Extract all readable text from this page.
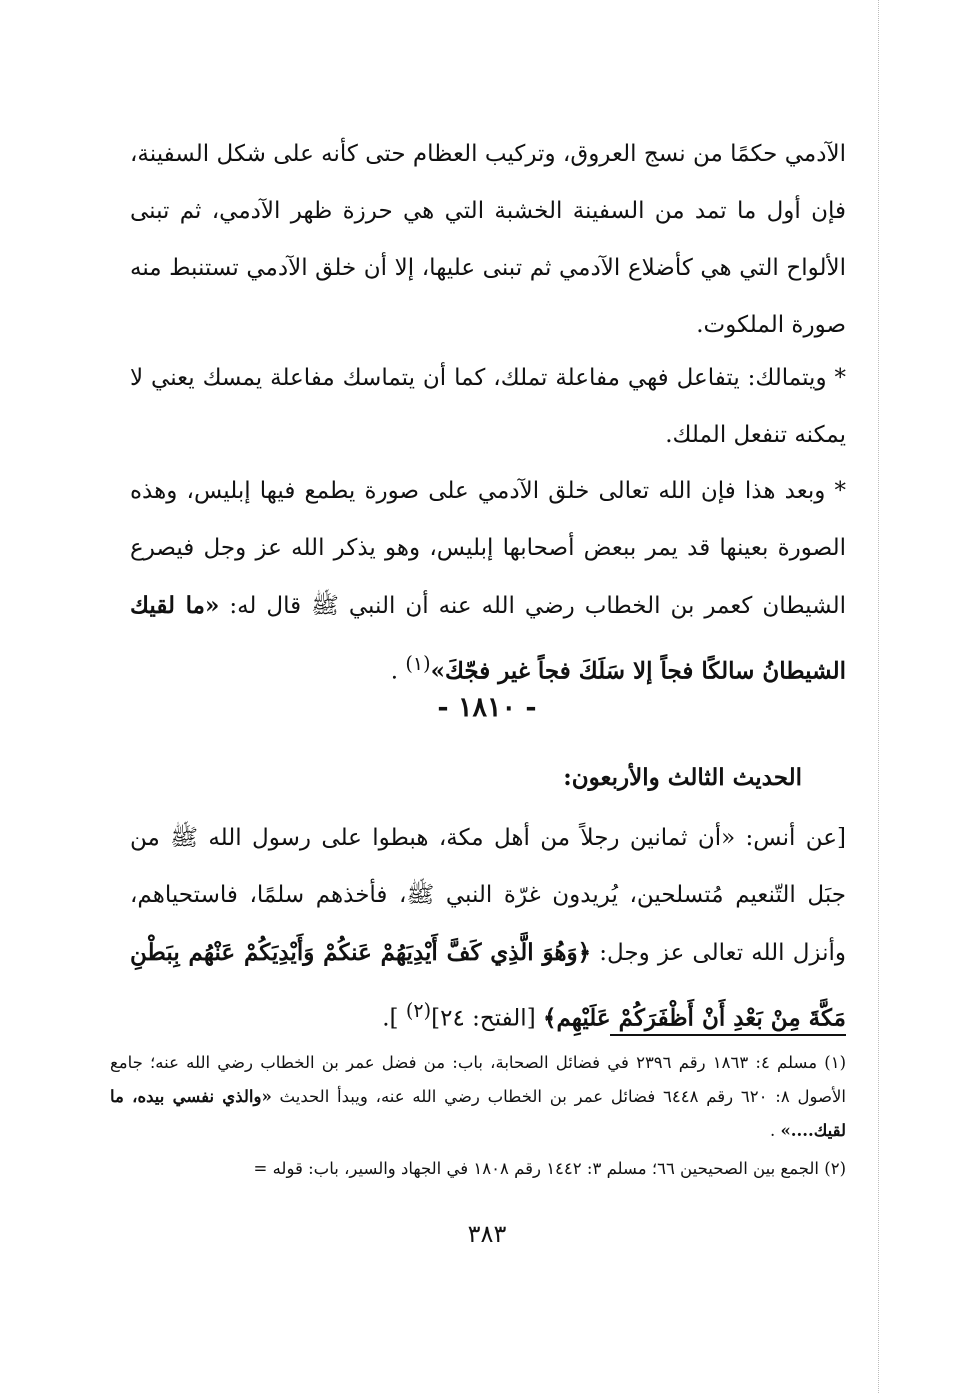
الآدمي حكمًا من نسج العروق، وتركيب العظام حتى كأنه على شكل السفينة، فإن أول ما تمد من السفينة الخشبة التي هي حرزة ظهر الآدمي، ثم تبنى الألواح التي هي كأضلاع الآدمي ثم تبنى عليها، إلا أن خلق الآدمي تستنبط منه صورة الملكوت.

* ويتمالك: يتفاعل فهي مفاعلة تملك، كما أن يتماسك مفاعلة يمسك يعني لا يمكنه تنفعل الملك.

* وبعد هذا فإن الله تعالى خلق الآدمي على صورة يطمع فيها إبليس، وهذه الصورة بعينها قد يمر ببعض أصحابها إبليس، وهو يذكر الله عز وجل فيصرع الشيطان كعمر بن الخطاب رضي الله عنه أن النبي ﷺ قال له: «ما لقيك الشيطانُ سالكًا فجاً إلا سَلَكَ فجاً غير فجّكَ»$^{(١)}$ .

- ١٨١٠ -
الحديث الثالث والأربعون:

[عن أنس: «أن ثمانين رجلاً من أهل مكة، هبطوا على رسول الله ﷺ من جبَل التّنعيم مُتسلحين، يُريدون غرّة النبي ﷺ، فأخذهم سلمًا، فاستحياهم، وأنزل الله تعالى عز وجل: ﴿وَهُوَ الَّذِي كَفَّ أَيْدِيَهُمْ عَنكُمْ وَأَيْدِيَكُمْ عَنْهُم بِبَطْنِ مَكَّةَ مِنْ بَعْدِ أَنْ أَظْفَرَكُمْ عَلَيْهِم﴾ [الفتح: ٢٤]$^{(٢)}$ ].

(١) مسلم ٤: ١٨٦٣ رقم ٢٣٩٦ في فضائل الصحابة، باب: من فضل عمر بن الخطاب رضي الله عنه؛ جامع الأصول ٨: ٦٢٠ رقم ٦٤٤٨ فضائل عمر بن الخطاب رضي الله عنه، ويبدأ الحديث «والذي نفسي بيده، ما لقيك....» .

(٢) الجمع بين الصحيحين ٦٦؛ مسلم ٣: ١٤٤٢ رقم ١٨٠٨ في الجهاد والسير، باب: قوله =

٣٨٣
